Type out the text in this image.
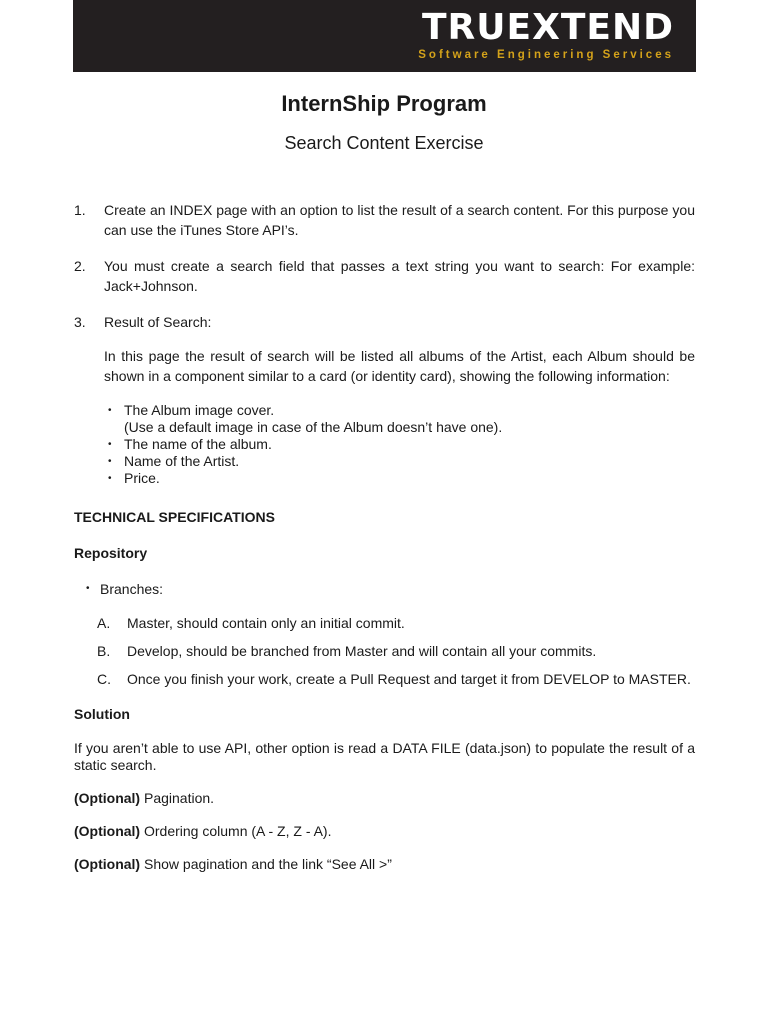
TRUEXTEND
Software Engineering Services
InternShip Program
Search Content Exercise
1.	Create an INDEX page with an option to list the result of a search content. For this purpose you can use the iTunes Store API’s.
2.	You must create a search field that passes a text string you want to search: For example: Jack+Johnson.
3.	Result of Search:
In this page the result of search will be listed all albums of the Artist, each Album should be shown in a component similar to a card (or identity card), showing the following information:
• The Album image cover.
(Use a default image in case of the Album doesn’t have one).
• The name of the album.
• Name of the Artist.
• Price.
TECHNICAL SPECIFICATIONS
Repository
• Branches:
A.	Master, should contain only an initial commit.
B.	Develop, should be branched from Master and will contain all your commits.
C.	Once you finish your work, create a Pull Request and target it from DEVELOP to MASTER.
Solution
If you aren’t able to use API, other option is read a DATA FILE (data.json) to populate the result of a static search.
(Optional) Pagination.
(Optional) Ordering column (A - Z, Z - A).
(Optional) Show pagination and the link “See All >”
